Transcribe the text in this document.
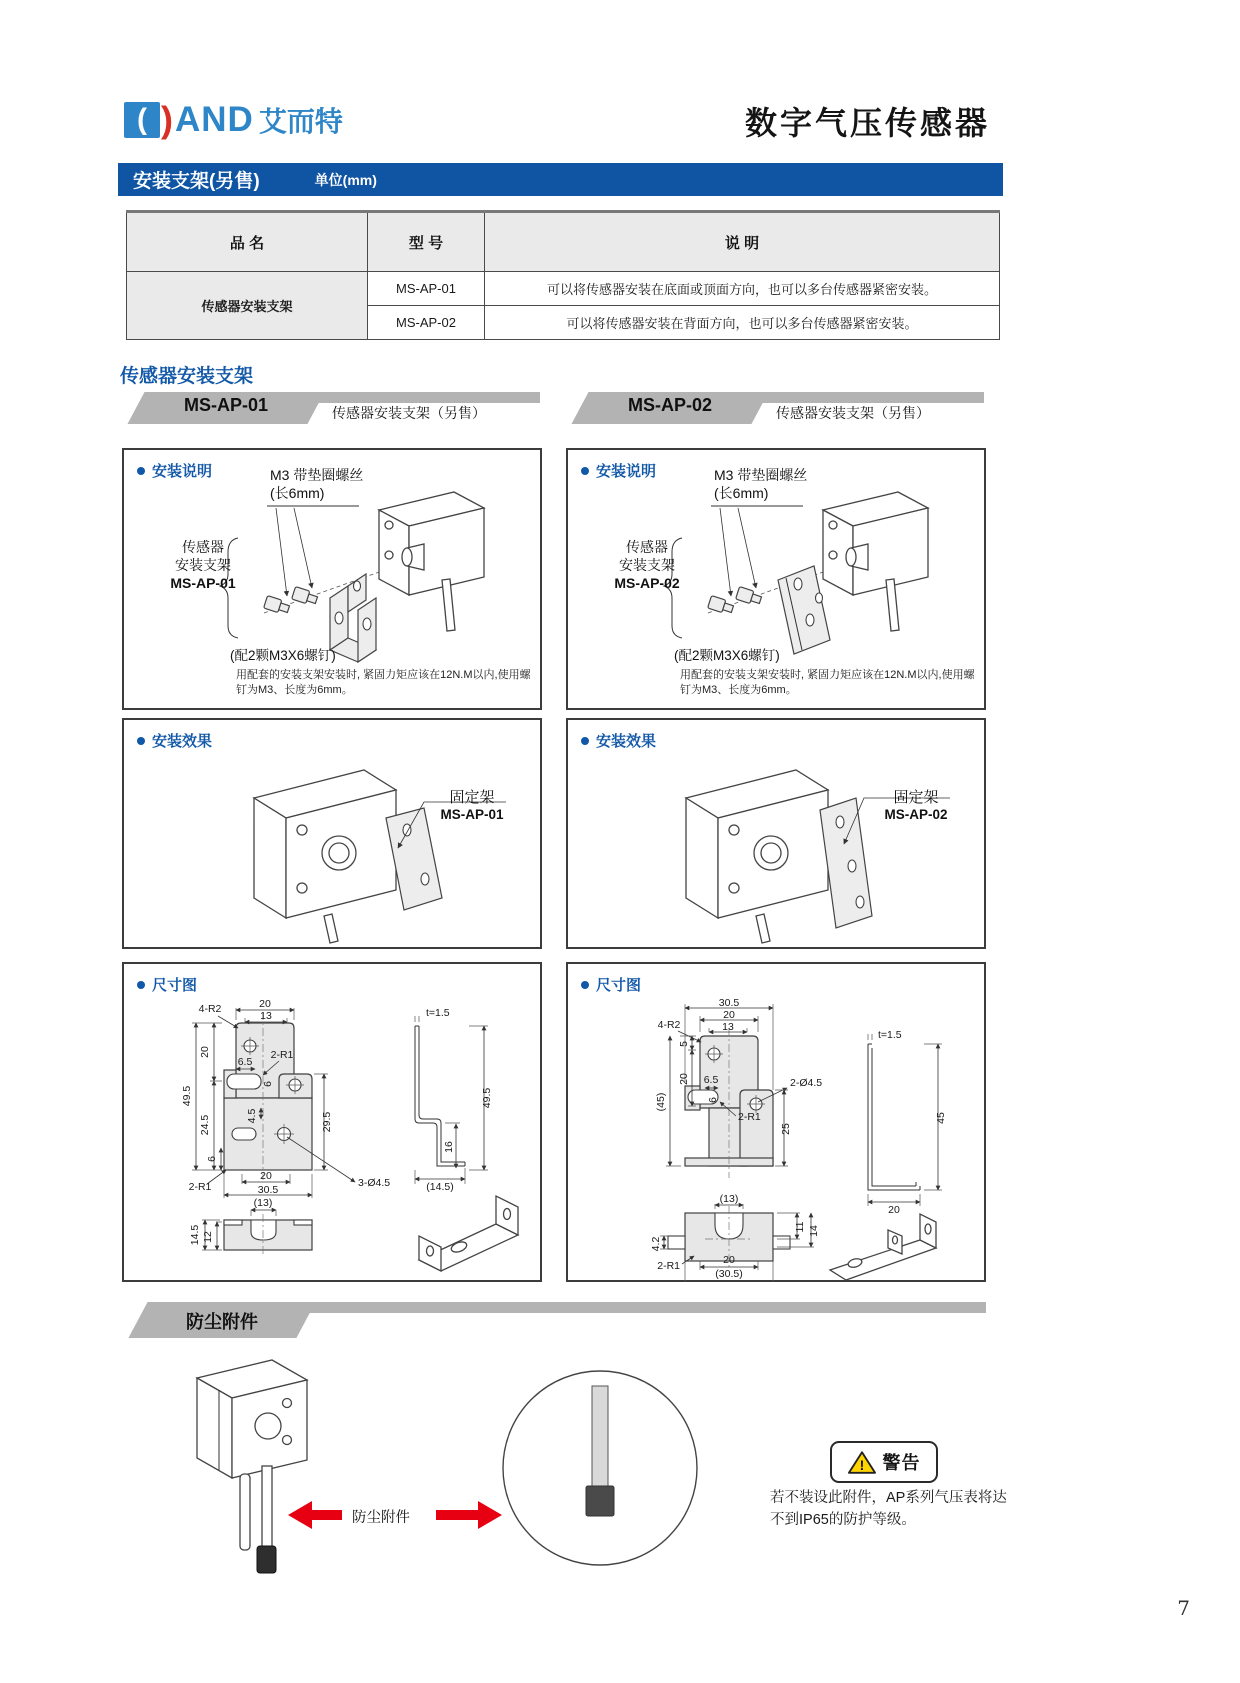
( ) AND 艾而特	数字气压传感器
安装支架(另售)	单位(mm)
品 名	型 号	说 明
传感器安装支架	MS-AP-01	可以将传感器安装在底面或顶面方向，也可以多台传感器紧密安装。
	MS-AP-02	可以将传感器安装在背面方向，也可以多台传感器紧密安装。
传感器安装支架
MS-AP-01	传感器安装支架（另售）
安装说明	M3 带垫圈螺丝
(长6mm)
传感器
安装支架
MS-AP-01
(配2颗M3X6螺钉)
用配套的安装支架安装时, 紧固力矩应该在12N.M以内,使用螺钉为M3、长度为6mm。
安装效果
固定架
MS-AP-01
尺寸图
20
13
4-R2
49.5
20
24.5
6
6.5
2-R1
6
4.5	29.5
20
30.5
2-R1	3-Ø4.5
t=1.5
49.5
16
(14.5)
(13)
14.5 12
MS-AP-02	传感器安装支架（另售）
安装说明	M3 带垫圈螺丝
(长6mm)
传感器
安装支架
MS-AP-02
(配2颗M3X6螺钉)
用配套的安装支架安装时, 紧固力矩应该在12N.M以内,使用螺钉为M3、长度为6mm。
安装效果
固定架
MS-AP-02
尺寸图
30.5
20
13
4-R2
5
20
(45)
6.5
6
2-R1
2-Ø4.5
25
t=1.5
45
20
(13)
11 14
4.2
2-R1	20
(30.5)
防尘附件
防尘附件
! 警告
若不装设此附件，AP系列气压表将达
不到IP65的防护等级。
7
